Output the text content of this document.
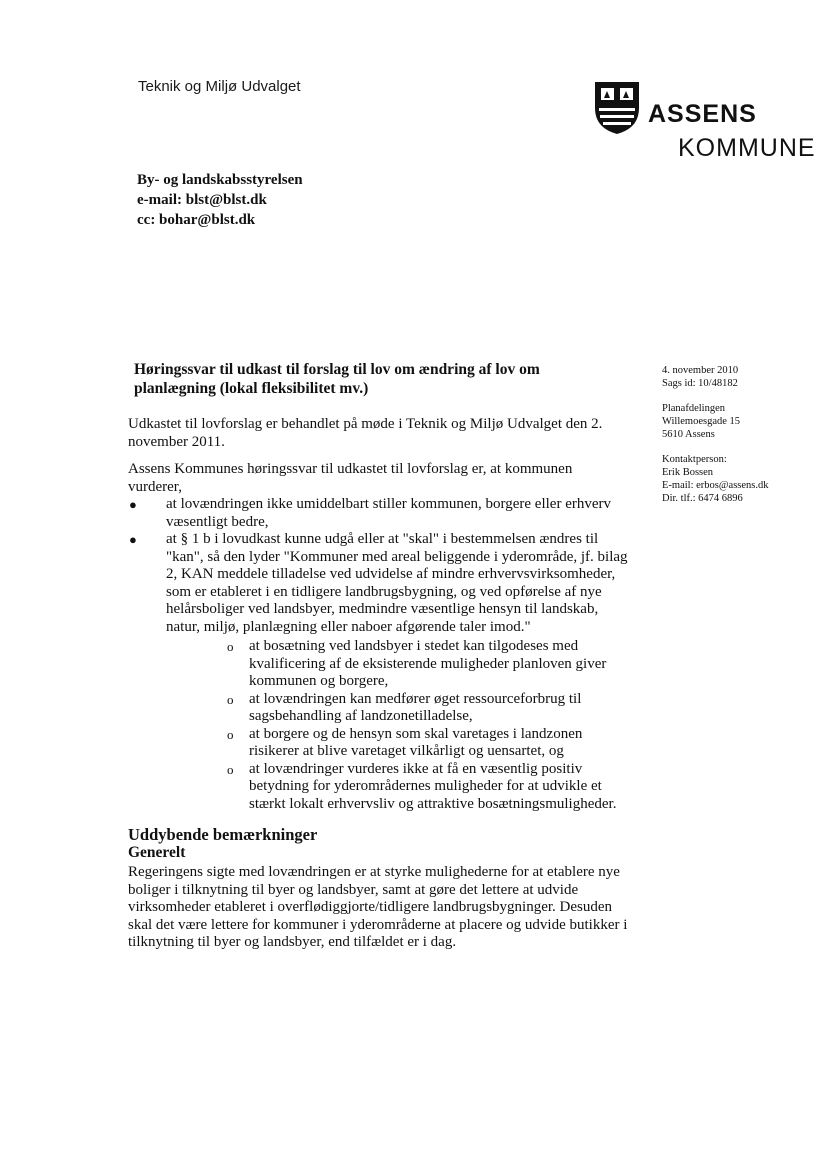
Teknik og Miljø Udvalget
ASSENS
KOMMUNE
By- og landskabsstyrelsen
e-mail: blst@blst.dk
cc: bohar@blst.dk
Høringssvar til udkast til forslag til lov om ændring af lov om planlægning (lokal fleksibilitet mv.)
4. november 2010
Sags id: 10/48182
Planafdelingen
Willemoesgade 15
5610 Assens
Kontaktperson:
Erik Bossen
E-mail: erbos@assens.dk
Dir. tlf.: 6474 6896

Udkastet til lovforslag er behandlet på møde i Teknik og Miljø Udvalget den 2. november 2011.

Assens Kommunes høringssvar til udkastet til lovforslag er, at kommunen vurderer,

● at lovændringen ikke umiddelbart stiller kommunen, borgere eller erhverv væsentligt bedre,
● at § 1 b i lovudkast kunne udgå eller at "skal" i bestemmelsen ændres til "kan", så den lyder "Kommuner med areal beliggende i yderområde, jf. bilag 2, KAN meddele tilladelse ved udvidelse af mindre erhvervsvirksomheder, som er etableret i en tidligere landbrugsbygning, og ved opførelse af nye helårsboliger ved landsbyer, medmindre væsentlige hensyn til landskab, natur, miljø, planlægning eller naboer afgørende taler imod."
o at bosætning ved landsbyer i stedet kan tilgodeses med kvalificering af de eksisterende muligheder planloven giver kommunen og borgere,
o at lovændringen kan medfører øget ressourceforbrug til sagsbehandling af landzonetilladelse,
o at borgere og de hensyn som skal varetages i landzonen risikerer at blive varetaget vilkårligt og uensartet, og
o at lovændringer vurderes ikke at få en væsentlig positiv betydning for yderområdernes muligheder for at udvikle et stærkt lokalt erhvervsliv og attraktive bosætningsmuligheder.
Uddybende bemærkninger
Generelt

Regeringens sigte med lovændringen er at styrke mulighederne for at etablere nye boliger i tilknytning til byer og landsbyer, samt at gøre det lettere at udvide virksomheder etableret i overflødiggjorte/tidligere landbrugsbygninger. Desuden skal det være lettere for kommuner i yderområderne at placere og udvide butikker i tilknytning til byer og landsbyer, end tilfældet er i dag.
